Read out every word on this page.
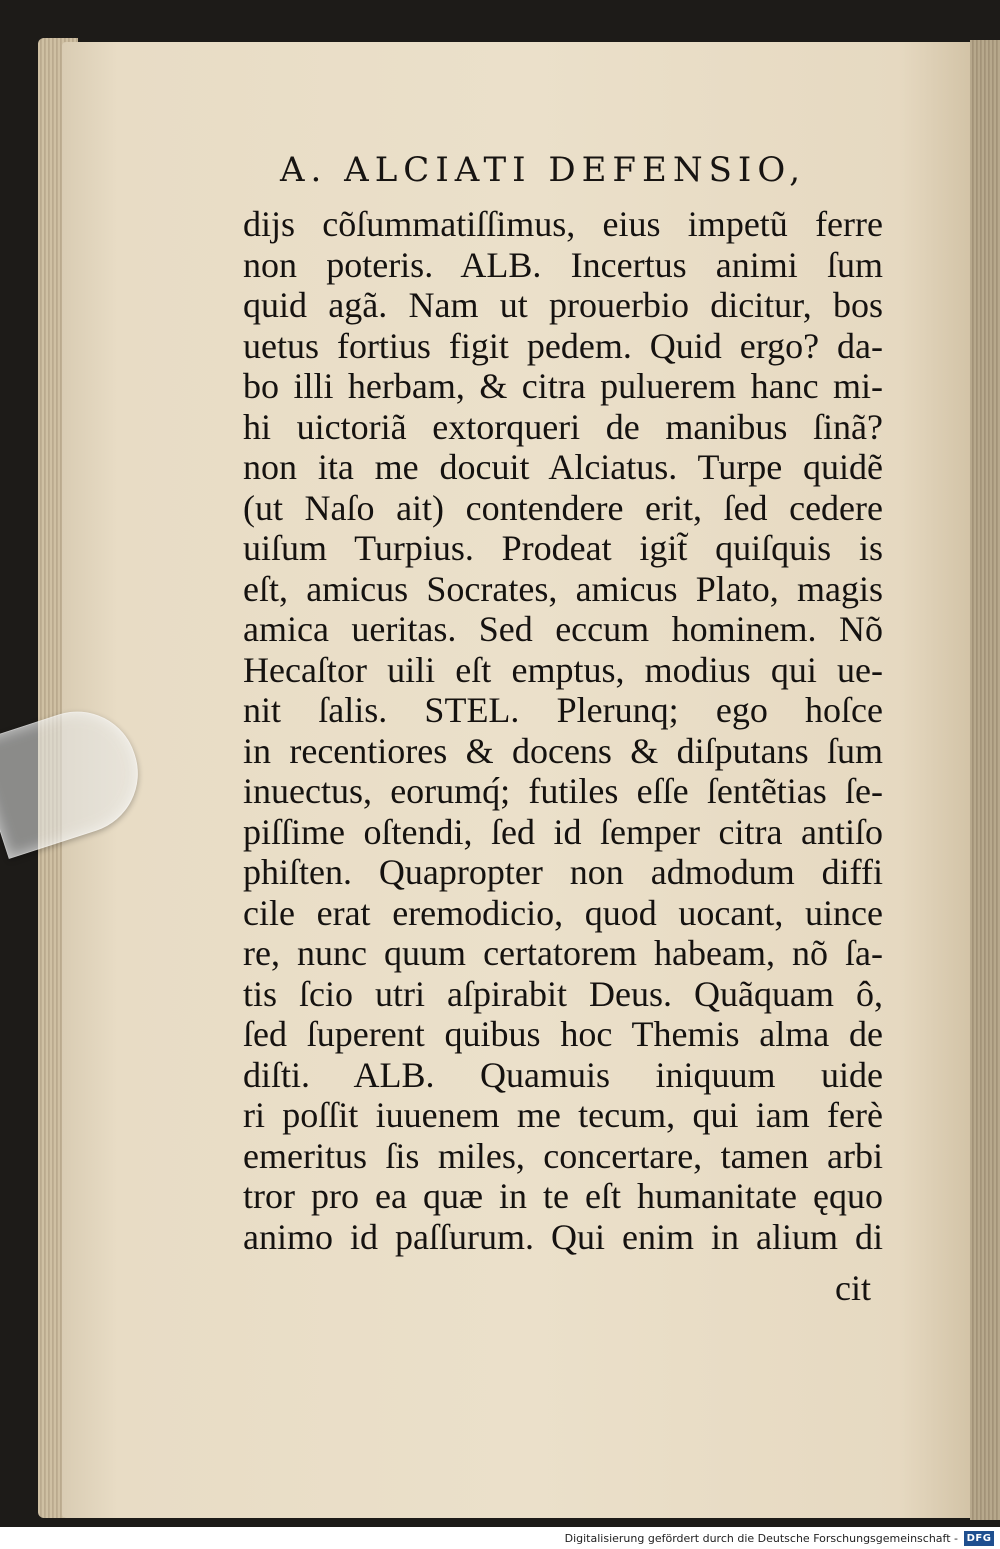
A. ALCIATI DEFENSIO,
dijs cõſummatiſſimus, eius impetũ ferre
non poteris. ALB. Incertus animi ſum
quid agã. Nam ut prouerbio dicitur, bos
uetus fortius figit pedem. Quid ergo? da-
bo illi herbam, & citra puluerem hanc mi-
hi uictoriã extorqueri de manibus ſinã?
non ita me docuit Alciatus. Turpe quidẽ
(ut Naſo ait) contendere erit, ſed cedere
uiſum Turpius. Prodeat igit̃ quiſquis is
eſt, amicus Socrates, amicus Plato, magis
amica ueritas. Sed eccum hominem. Nõ
Hecaſtor uili eſt emptus, modius qui ue-
nit ſalis. STEL. Plerunq; ego hoſce
in recentiores & docens & diſputans ſum
inuectus, eorumq́; futiles eſſe ſentẽtias ſe-
piſſime oſtendi, ſed id ſemper citra antiſo
phiſten. Quapropter non admodum diffi
cile erat eremodicio, quod uocant, uince
re, nunc quum certatorem habeam, nõ ſa-
tis ſcio utri aſpirabit Deus. Quãquam ô,
ſed ſuperent quibus hoc Themis alma de
diſti. ALB. Quamuis iniquum uide
ri poſſit iuuenem me tecum, qui iam ferè
emeritus ſis miles, concertare, tamen arbi
tror pro ea quæ in te eſt humanitate ęquo
animo id paſſurum. Qui enim in alium di
cit
Digitalisierung gefördert durch die Deutsche Forschungsgemeinschaft - DFG
